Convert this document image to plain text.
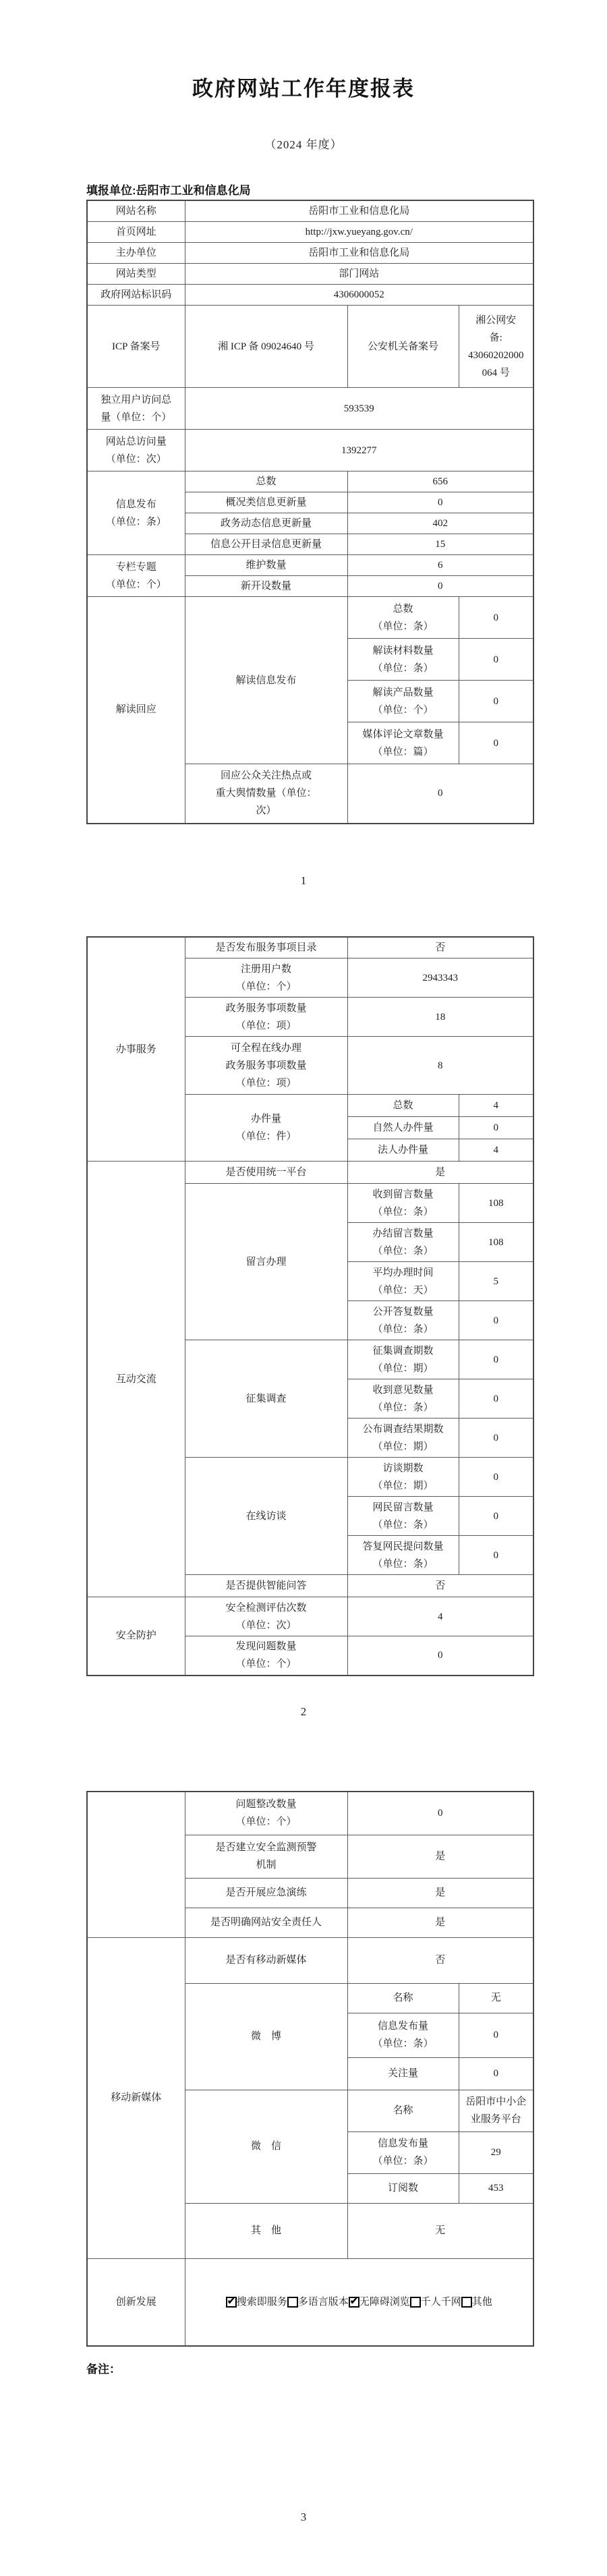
政府网站工作年度报表
（2024 年度）
填报单位:岳阳市工业和信息化局
网站名称	岳阳市工业和信息化局		
首页网址	http://jxw.yueyang.gov.cn/		
主办单位	岳阳市工业和信息化局		
网站类型	部门网站		
政府网站标识码	4306000052		
ICP 备案号	湘 ICP 备 09024640 号	公安机关备案号	湘公网安
备:
43060202000
064 号
独立用户访问总
量（单位：个）	593539		
网站总访问量
（单位：次）	1392277		
信息发布
（单位：条）	总数	656	
	概况类信息更新量	0	
	政务动态信息更新量	402	
	信息公开目录信息更新量	15	
专栏专题
（单位：个）	维护数量	6	
	新开设数量	0	
解读回应	解读信息发布	总数
（单位：条）	0
		解读材料数量
（单位：条）	0
		解读产品数量
（单位：个）	0
		媒体评论文章数量
（单位：篇）	0
	回应公众关注热点或
重大舆情数量（单位：
次）	0	
1
办事服务	是否发布服务事项目录	否	
	注册用户数
（单位：个）	2943343	
	政务服务事项数量
（单位：项）	18	
	可全程在线办理
政务服务事项数量
（单位：项）	8	
	办件量
（单位：件）	总数	4
		自然人办件量	0
		法人办件量	4
互动交流	是否使用统一平台	是	
	留言办理	收到留言数量
（单位：条）	108
		办结留言数量
（单位：条）	108
		平均办理时间
（单位：天）	5
		公开答复数量
（单位：条）	0
	征集调查	征集调查期数
（单位：期）	0
		收到意见数量
（单位：条）	0
		公布调查结果期数
（单位：期）	0
	在线访谈	访谈期数
（单位：期）	0
		网民留言数量
（单位：条）	0
		答复网民提问数量
（单位：条）	0
	是否提供智能问答	否	
安全防护	安全检测评估次数
（单位：次）	4	
	发现问题数量
（单位：个）	0	
2
	问题整改数量
（单位：个）	0	
	是否建立安全监测预警
机制	是	
	是否开展应急演练	是	
	是否明确网站安全责任人	是	
移动新媒体	是否有移动新媒体	否	
	微　博	名称	无
		信息发布量
（单位：条）	0
		关注量	0
	微　信	名称	岳阳市中小企
业服务平台
		信息发布量
（单位：条）	29
		订阅数	453
	其　他	无	
创新发展	✔ 搜索即服务 多语言版本 ✔ 无障碍浏览 千人千网 其他
备注：
3
